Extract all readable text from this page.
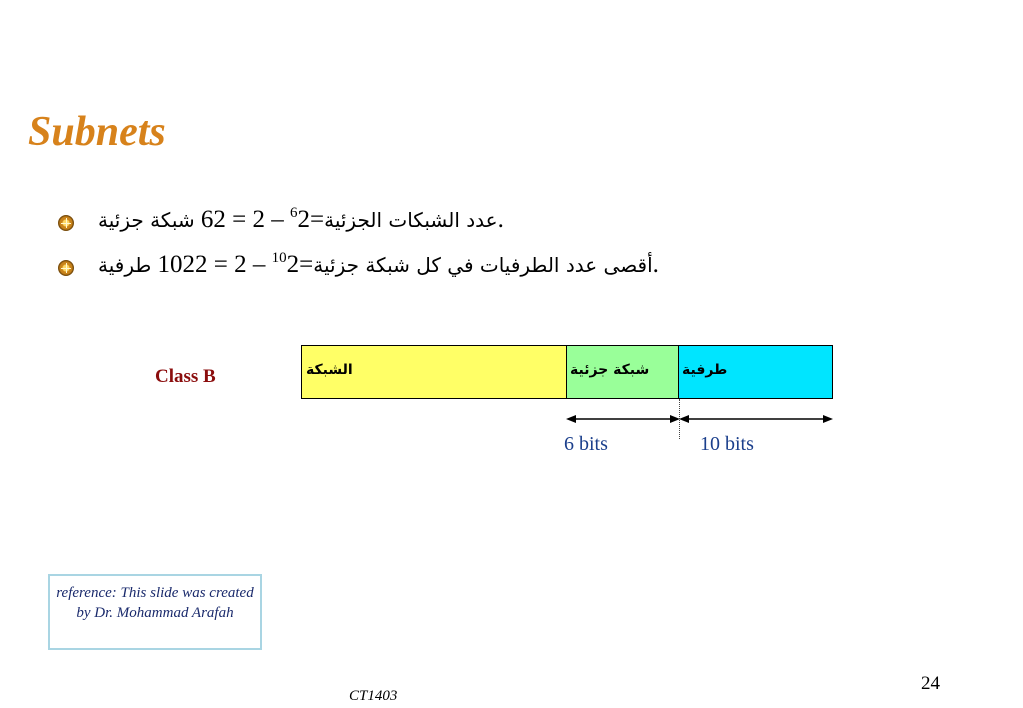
Subnets
عدد الشبكات الجزئية=$^6$2 – 2 = 62 شبكة جزئية	.
أقصى عدد الطرفيات في كل شبكة جزئية=$^{10}$2 – 2 = 1022 طرفية	.
Class B	الشبكة	شبكة جزئية طرفية
6 bits	10 bits
reference: This slide was created by Dr. Mohammad Arafah
24
CT1403
